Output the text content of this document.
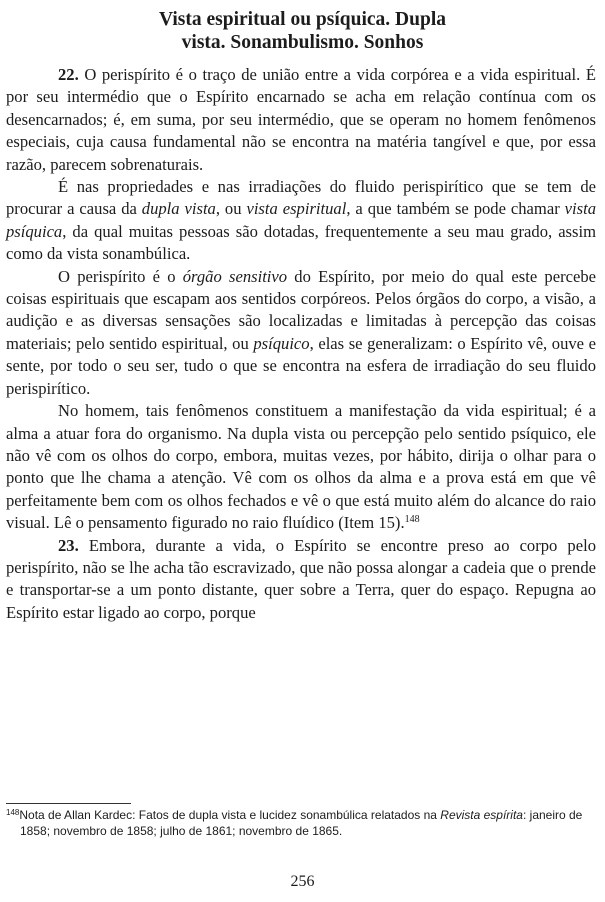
Vista espiritual ou psíquica. Dupla
vista. Sonambulismo. Sonhos

22. O perispírito é o traço de união entre a vida corpórea e a vida espiritual. É por seu intermédio que o Espírito encarnado se acha em relação contínua com os desencarnados; é, em suma, por seu intermédio, que se operam no homem fenômenos especiais, cuja causa fundamental não se encontra na matéria tangível e que, por essa razão, parecem sobrenaturais.

É nas propriedades e nas irradiações do fluido perispirítico que se tem de procurar a causa da dupla vista, ou vista espiritual, a que também se pode chamar vista psíquica, da qual muitas pessoas são dotadas, frequentemente a seu mau grado, assim como da vista sonambúlica.

O perispírito é o órgão sensitivo do Espírito, por meio do qual este percebe coisas espirituais que escapam aos sentidos corpóreos. Pelos órgãos do corpo, a visão, a audição e as diversas sensações são localizadas e limitadas à percepção das coisas materiais; pelo sentido espiritual, ou psíquico, elas se generalizam: o Espírito vê, ouve e sente, por todo o seu ser, tudo o que se encontra na esfera de irradiação do seu fluido perispirítico.

No homem, tais fenômenos constituem a manifestação da vida espiritual; é a alma a atuar fora do organismo. Na dupla vista ou percepção pelo sentido psíquico, ele não vê com os olhos do corpo, embora, muitas vezes, por hábito, dirija o olhar para o ponto que lhe chama a atenção. Vê com os olhos da alma e a prova está em que vê perfeitamente bem com os olhos fechados e vê o que está muito além do alcance do raio visual. Lê o pensamento figurado no raio fluídico (Item 15).$^{148}$

23. Embora, durante a vida, o Espírito se encontre preso ao corpo pelo perispírito, não se lhe acha tão escravizado, que não possa alongar a cadeia que o prende e transportar-se a um ponto distante, quer sobre a Terra, quer do espaço. Repugna ao Espírito estar ligado ao corpo, porque

$^{148}$Nota de Allan Kardec: Fatos de dupla vista e lucidez sonambúlica relatados na Revista espírita: janeiro de 1858; novembro de 1858; julho de 1861; novembro de 1865.
256
